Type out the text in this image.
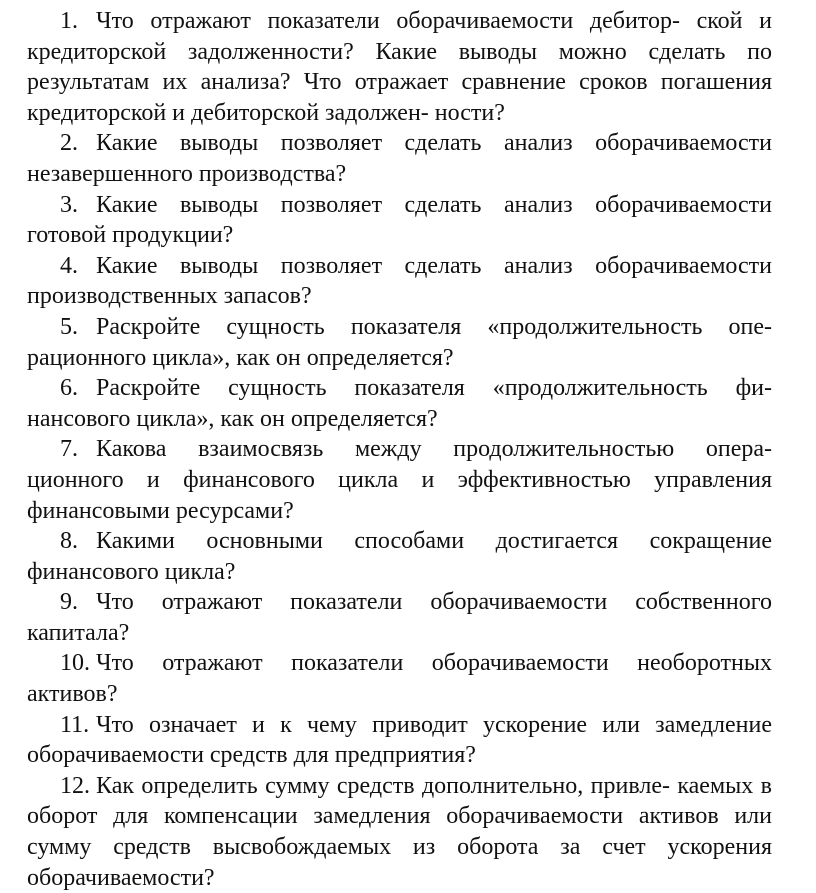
1. Что отражают показатели оборачиваемости дебитор- ской и кредиторской задолженности? Какие выводы можно сделать по результатам их анализа? Что отражает сравнение сроков погашения кредиторской и дебиторской задолжен- ности?

2. Какие выводы позволяет сделать анализ оборачиваемости незавершенного производства?

3. Какие выводы позволяет сделать анализ оборачиваемости готовой продукции?

4. Какие выводы позволяет сделать анализ оборачиваемости производственных запасов?

5. Раскройте сущность показателя «продолжительность опе- рационного цикла», как он определяется?

6. Раскройте сущность показателя «продолжительность фи- нансового цикла», как он определяется?

7. Какова взаимосвязь между продолжительностью опера- ционного и финансового цикла и эффективностью управления финансовыми ресурсами?

8. Какими основными способами достигается сокращение финансового цикла?

9. Что отражают показатели оборачиваемости собственного капитала?

10. Что отражают показатели оборачиваемости необоротных активов?

11. Что означает и к чему приводит ускорение или замедление оборачиваемости средств для предприятия?

12. Как определить сумму средств дополнительно, привле- каемых в оборот для компенсации замедления оборачиваемости активов или сумму средств высвобождаемых из оборота за счет ускорения оборачиваемости?
